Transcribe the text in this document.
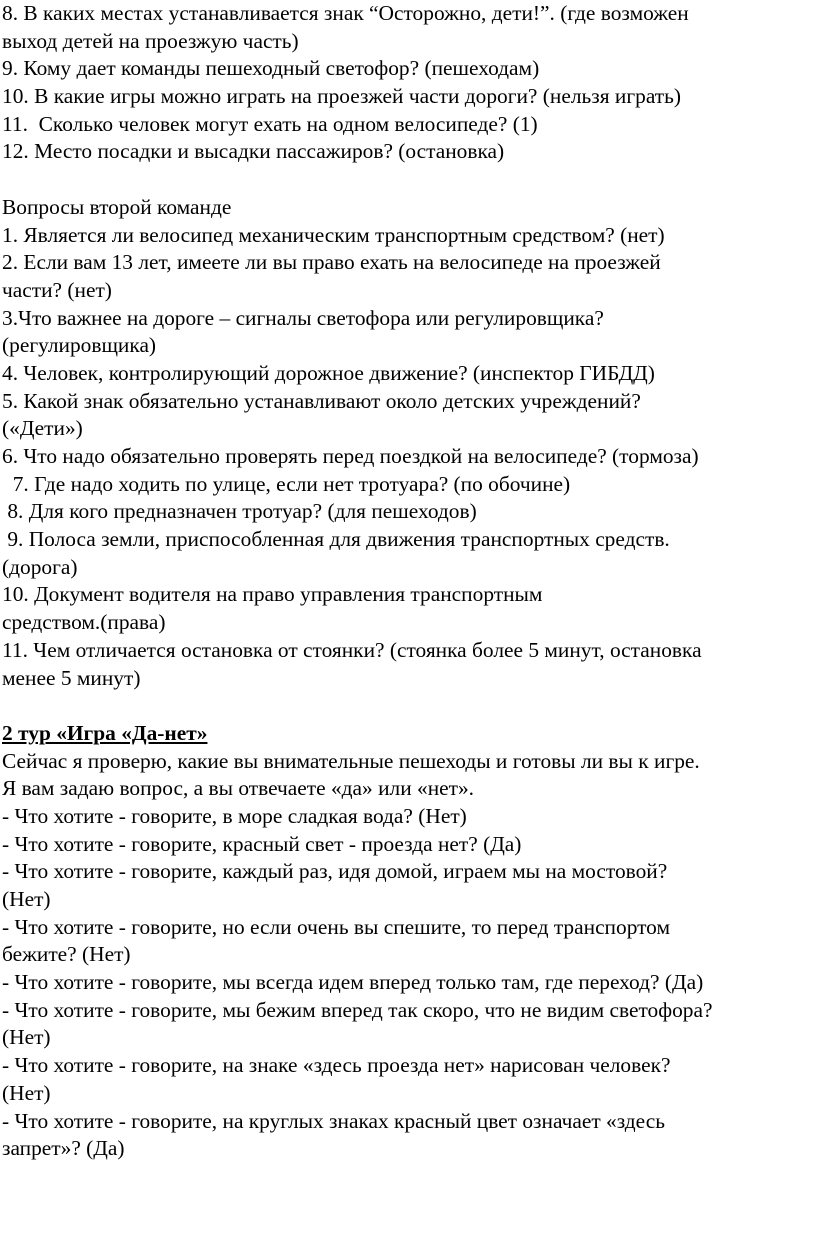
8. В каких местах устанавливается знак “Осторожно, дети!”. (где возможен
выход детей на проезжую часть)
9. Кому дает команды пешеходный светофор? (пешеходам)
10. В какие игры можно играть на проезжей части дороги? (нельзя играть)
11.  Сколько человек могут ехать на одном велосипеде? (1)
12. Место посадки и высадки пассажиров? (остановка)
Вопросы второй команде
1. Является ли велосипед механическим транспортным средством? (нет)
2. Если вам 13 лет, имеете ли вы право ехать на велосипеде на проезжей
части? (нет)
3.Что важнее на дороге – сигналы светофора или регулировщика?
(регулировщика)
4. Человек, контролирующий дорожное движение? (инспектор ГИБДД)
5. Какой знак обязательно устанавливают около детских учреждений?
(«Дети»)
6. Что надо обязательно проверять перед поездкой на велосипеде? (тормоза)
7. Где надо ходить по улице, если нет тротуара? (по обочине)
8. Для кого предназначен тротуар? (для пешеходов)
9. Полоса земли, приспособленная для движения транспортных средств.
(дорога)
10. Документ водителя на право управления транспортным
средством.(права)
11. Чем отличается остановка от стоянки? (стоянка более 5 минут, остановка
менее 5 минут)
2 тур «Игра «Да-нет»
Сейчас я проверю, какие вы внимательные пешеходы и готовы ли вы к игре.
Я вам задаю вопрос, а вы отвечаете «да» или «нет».
- Что хотите - говорите, в море сладкая вода? (Нет)
- Что хотите - говорите, красный свет - проезда нет? (Да)
- Что хотите - говорите, каждый раз, идя домой, играем мы на мостовой?
(Нет)
- Что хотите - говорите, но если очень вы спешите, то перед транспортом
бежите? (Нет)
- Что хотите - говорите, мы всегда идем вперед только там, где переход? (Да)
- Что хотите - говорите, мы бежим вперед так скоро, что не видим светофора?
(Нет)
- Что хотите - говорите, на знаке «здесь проезда нет» нарисован человек?
(Нет)
- Что хотите - говорите, на круглых знаках красный цвет означает «здесь
запрет»? (Да)
